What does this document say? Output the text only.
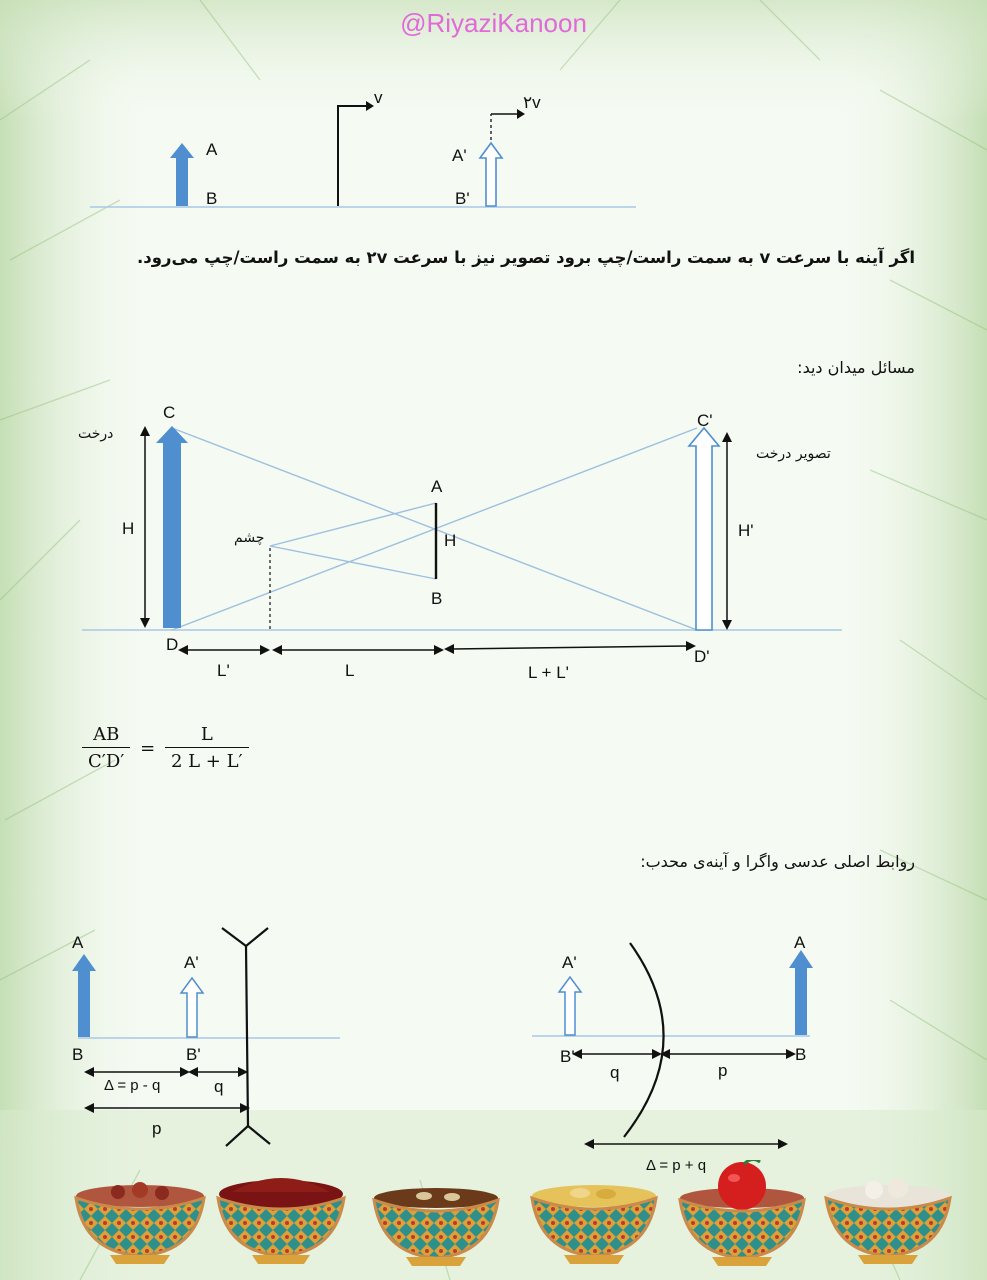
@RiyaziKanoon
A
B
v
A'
B'
۲v
اگر آینه با سرعت v به سمت راست/چپ برود تصویر نیز با سرعت ۲v به سمت راست/چپ می‌رود.
مسائل میدان دید:
C
D
C'
D'
A
B
H
H
H'
L'	L	L + L'
درخت
تصویر درخت
چشم
$\frac{AB}{C'D'} = \frac{L}{2 L + L'}$
روابط اصلی عدسی واگرا و آینه‌ی محدب:
A
B
A'
B'
Δ = p - q	q
p
A
B
A'
B'
p
q
Δ = p + q
